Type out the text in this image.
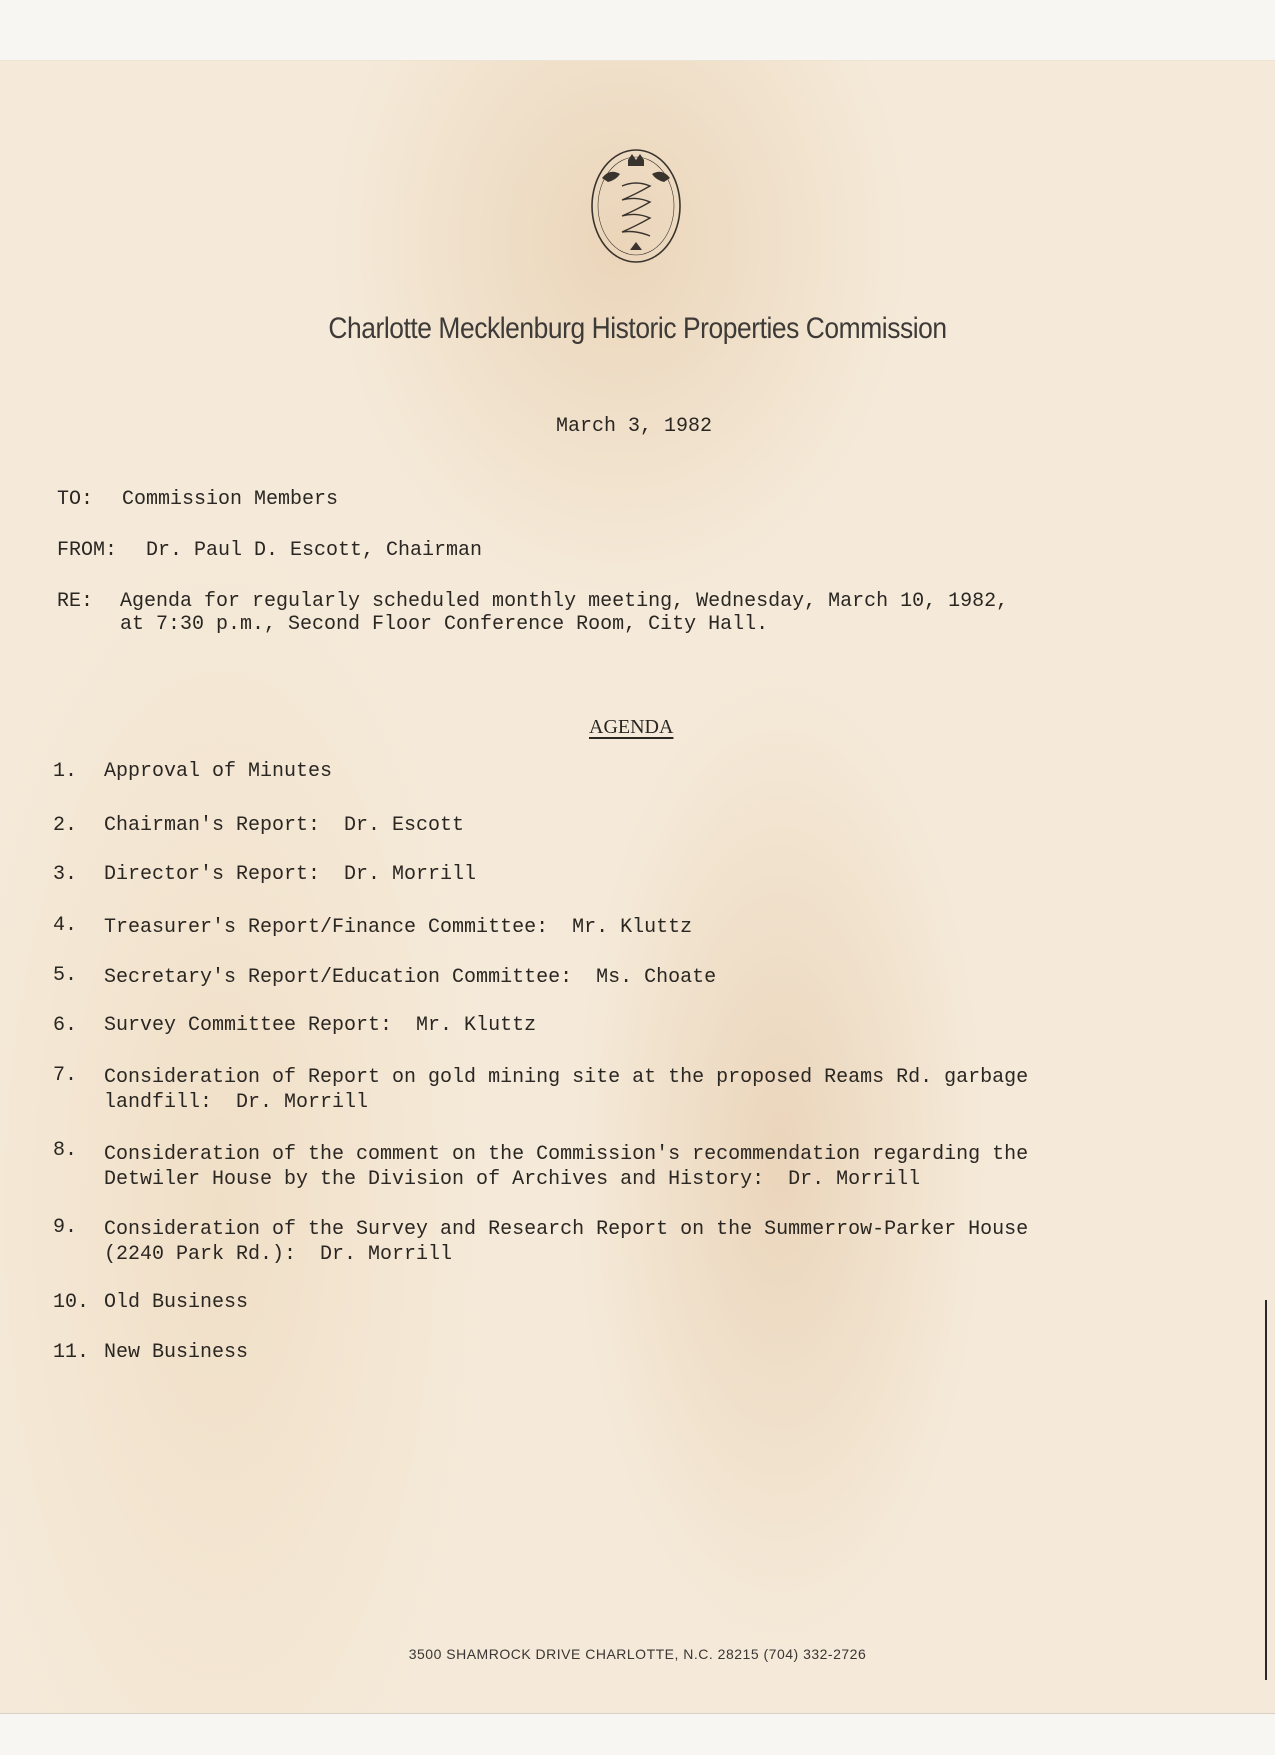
Charlotte Mecklenburg Historic Properties Commission
March 3, 1982
TO: Commission Members
FROM: Dr. Paul D. Escott, Chairman
RE: Agenda for regularly scheduled monthly meeting, Wednesday, March 10, 1982,
at 7:30 p.m., Second Floor Conference Room, City Hall.
AGENDA
1. Approval of Minutes
2. Chairman's Report:  Dr. Escott
3. Director's Report:  Dr. Morrill
4. Treasurer's Report/Finance Committee:  Mr. Kluttz
5. Secretary's Report/Education Committee:  Ms. Choate
6. Survey Committee Report:  Mr. Kluttz
7. Consideration of Report on gold mining site at the proposed Reams Rd. garbage
landfill:  Dr. Morrill
8. Consideration of the comment on the Commission's recommendation regarding the
Detwiler House by the Division of Archives and History:  Dr. Morrill
9. Consideration of the Survey and Research Report on the Summerrow-Parker House
(2240 Park Rd.):  Dr. Morrill
10. Old Business
11. New Business
3500 SHAMROCK DRIVE CHARLOTTE, N.C. 28215 (704) 332-2726
